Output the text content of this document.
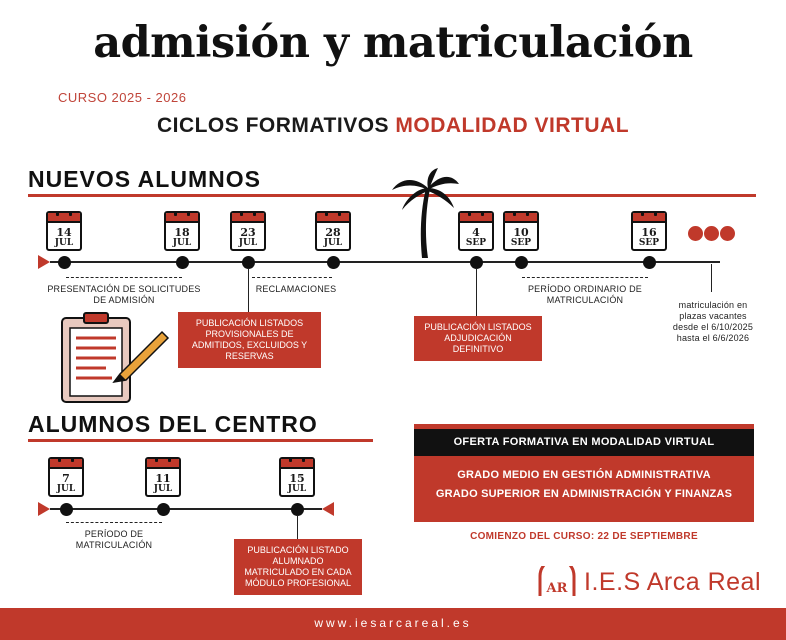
admisión y matriculación
CURSO 2025 - 2026
CICLOS FORMATIVOS MODALIDAD VIRTUAL
NUEVOS ALUMNOS
14
JUL
18
JUL
23
JUL
28
JUL
4
SEP
10
SEP
16
SEP
PRESENTACIÓN DE SOLICITUDES DE ADMISIÓN
RECLAMACIONES	PERÍODO ORDINARIO DE MATRICULACIÓN	matriculación en plazas vacantes desde el 6/10/2025 hasta el 6/6/2026
PUBLICACIÓN LISTADOS PROVISIONALES DE ADMITIDOS, EXCLUIDOS Y RESERVAS
PUBLICACIÓN LISTADOS ADJUDICACIÓN DEFINITIVO
ALUMNOS DEL CENTRO
7
JUL
11
JUL
15
JUL
PERÍODO DE MATRICULACIÓN	PUBLICACIÓN LISTADO ALUMNADO MATRICULADO EN CADA MÓDULO PROFESIONAL
OFERTA FORMATIVA EN MODALIDAD VIRTUAL
GRADO MEDIO EN GESTIÓN ADMINISTRATIVA
GRADO SUPERIOR EN ADMINISTRACIÓN Y FINANZAS
COMIENZO DEL CURSO: 22 DE SEPTIEMBRE
AR I.E.S Arca Real
www.iesarcareal.es
